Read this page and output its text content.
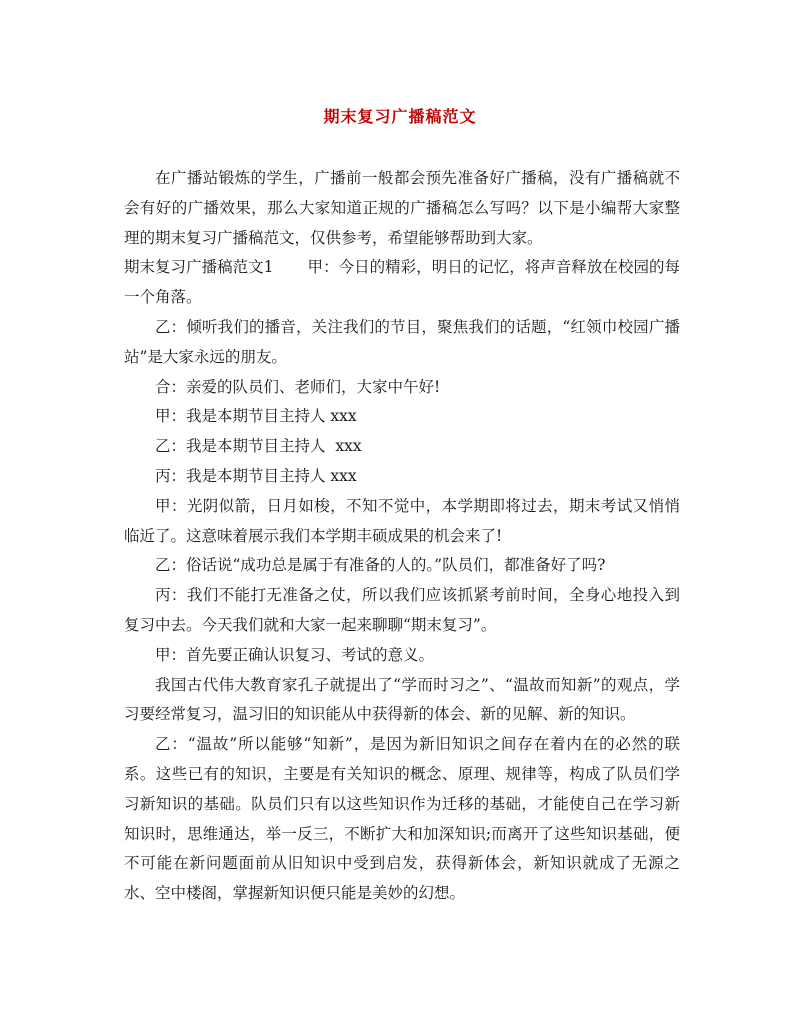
期末复习广播稿范文

在广播站锻炼的学生，广播前一般都会预先准备好广播稿，没有广播稿就不会有好的广播效果，那么大家知道正规的广播稿怎么写吗？以下是小编帮大家整理的期末复习广播稿范文，仅供参考，希望能够帮助到大家。

期末复习广播稿范文1 甲：今日的精彩，明日的记忆，将声音释放在校园的每一个角落。

乙：倾听我们的播音，关注我们的节目，聚焦我们的话题，“红领巾校园广播站”是大家永远的朋友。

合：亲爱的队员们、老师们，大家中午好!

甲：我是本期节目主持人 xxx

乙：我是本期节目主持人  xxx

丙：我是本期节目主持人 xxx

甲：光阴似箭，日月如梭，不知不觉中，本学期即将过去，期末考试又悄悄临近了。这意味着展示我们本学期丰硕成果的机会来了!

乙：俗话说“成功总是属于有准备的人的。”队员们，都准备好了吗?

丙：我们不能打无准备之仗，所以我们应该抓紧考前时间，全身心地投入到复习中去。今天我们就和大家一起来聊聊“期末复习”。

甲：首先要正确认识复习、考试的意义。

我国古代伟大教育家孔子就提出了“学而时习之”、“温故而知新”的观点，学习要经常复习，温习旧的知识能从中获得新的体会、新的见解、新的知识。

乙：“温故”所以能够“知新”，是因为新旧知识之间存在着内在的必然的联系。这些已有的知识，主要是有关知识的概念、原理、规律等，构成了队员们学习新知识的基础。队员们只有以这些知识作为迁移的基础，才能使自己在学习新知识时，思维通达，举一反三，不断扩大和加深知识;而离开了这些知识基础，便不可能在新问题面前从旧知识中受到启发，获得新体会，新知识就成了无源之水、空中楼阁，掌握新知识便只能是美妙的幻想。
